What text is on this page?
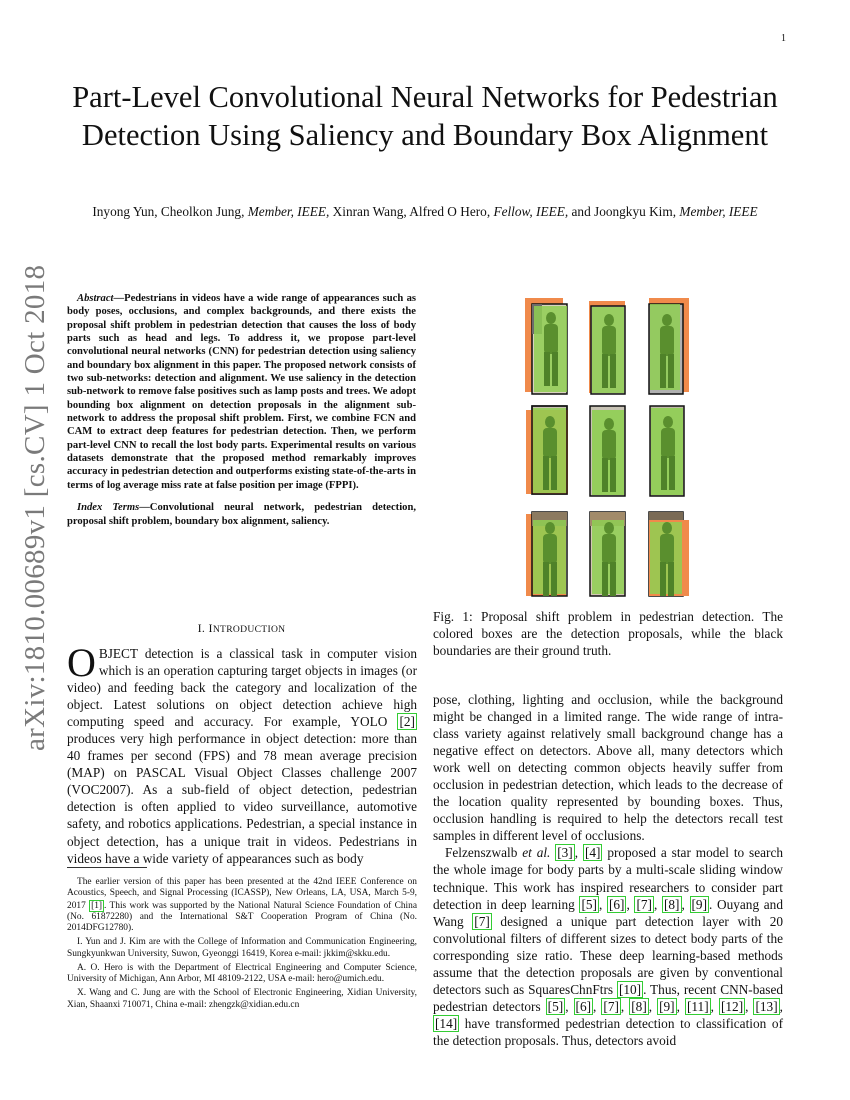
1
Part-Level Convolutional Neural Networks for Pedestrian Detection Using Saliency and Boundary Box Alignment
Inyong Yun, Cheolkon Jung, Member, IEEE, Xinran Wang, Alfred O Hero, Fellow, IEEE, and Joongkyu Kim, Member, IEEE
arXiv:1810.00689v1 [cs.CV] 1 Oct 2018	Abstract—Pedestrians in videos have a wide range of appearances such as body poses, occlusions, and complex backgrounds, and there exists the proposal shift problem in pedestrian detection that causes the loss of body parts such as head and legs. To address it, we propose part-level convolutional neural networks (CNN) for pedestrian detection using saliency and boundary box alignment in this paper. The proposed network consists of two sub-networks: detection and alignment. We use saliency in the detection sub-network to remove false positives such as lamp posts and trees. We adopt bounding box alignment on detection proposals in the alignment sub-network to address the proposal shift problem. First, we combine FCN and CAM to extract deep features for pedestrian detection. Then, we perform part-level CNN to recall the lost body parts. Experimental results on various datasets demonstrate that the proposed method remarkably improves accuracy in pedestrian detection and outperforms existing state-of-the-arts in terms of log average miss rate at false position per image (FPPI).

Index Terms—Convolutional neural network, pedestrian detection, proposal shift problem, boundary box alignment, saliency.

I. INTRODUCTION

OBJECT detection is a classical task in computer vision which is an operation capturing target objects in images (or video) and feeding back the category and localization of the object. Latest solutions on object detection achieve high computing speed and accuracy. For example, YOLO [2] produces very high performance in object detection: more than 40 frames per second (FPS) and 78 mean average precision (MAP) on PASCAL Visual Object Classes challenge 2007 (VOC2007). As a sub-field of object detection, pedestrian detection is often applied to video surveillance, automotive safety, and robotics applications. Pedestrian, a special instance in object detection, has a unique trait in videos. Pedestrians in videos have a wide variety of appearances such as body

The earlier version of this paper has been presented at the 42nd IEEE Conference on Acoustics, Speech, and Signal Processing (ICASSP), New Orleans, LA, USA, March 5-9, 2017 [1] . This work was supported by the National Natural Science Foundation of China (No. 61872280) and the International S&T Cooperation Program of China (No. 2014DFG12780).

I. Yun and J. Kim are with the College of Information and Communication Engineering, Sungkyunkwan University, Suwon, Gyeonggi 16419, Korea e-mail: jkkim@skku.edu.

A. O. Hero is with the Department of Electrical Engineering and Computer Science, University of Michigan, Ann Arbor, MI 48109-2122, USA e-mail: hero@umich.edu.

X. Wang and C. Jung are with the School of Electronic Engineering, Xidian University, Xian, Shaanxi 710071, China e-mail: zhengzk@xidian.edu.cn

Fig. 1: Proposal shift problem in pedestrian detection. The colored boxes are the detection proposals, while the black boundaries are their ground truth.

pose, clothing, lighting and occlusion, while the background might be changed in a limited range. The wide range of intra-class variety against relatively small background change has a negative effect on detectors. Above all, many detectors which work well on detecting common objects heavily suffer from occlusion in pedestrian detection, which leads to the decrease of the location quality represented by bounding boxes. Thus, occlusion handling is required to help the detectors recall test samples in different level of occlusions.

Felzenszwalb et al. [3] , [4] proposed a star model to search the whole image for body parts by a multi-scale sliding window technique. This work has inspired researchers to consider part detection in deep learning [5] , [6] , [7] , [8] , [9] . Ouyang and Wang [7] designed a unique part detection layer with 20 convolutional filters of different sizes to detect body parts of the corresponding size ratio. These deep learning-based methods assume that the detection proposals are given by conventional detectors such as SquaresChnFtrs [10] . Thus, recent CNN-based pedestrian detectors [5] , [6] , [7] , [8] , [9] , [11] , [12] , [13] , [14] have transformed pedestrian detection to classification of the detection proposals. Thus, detectors avoid
